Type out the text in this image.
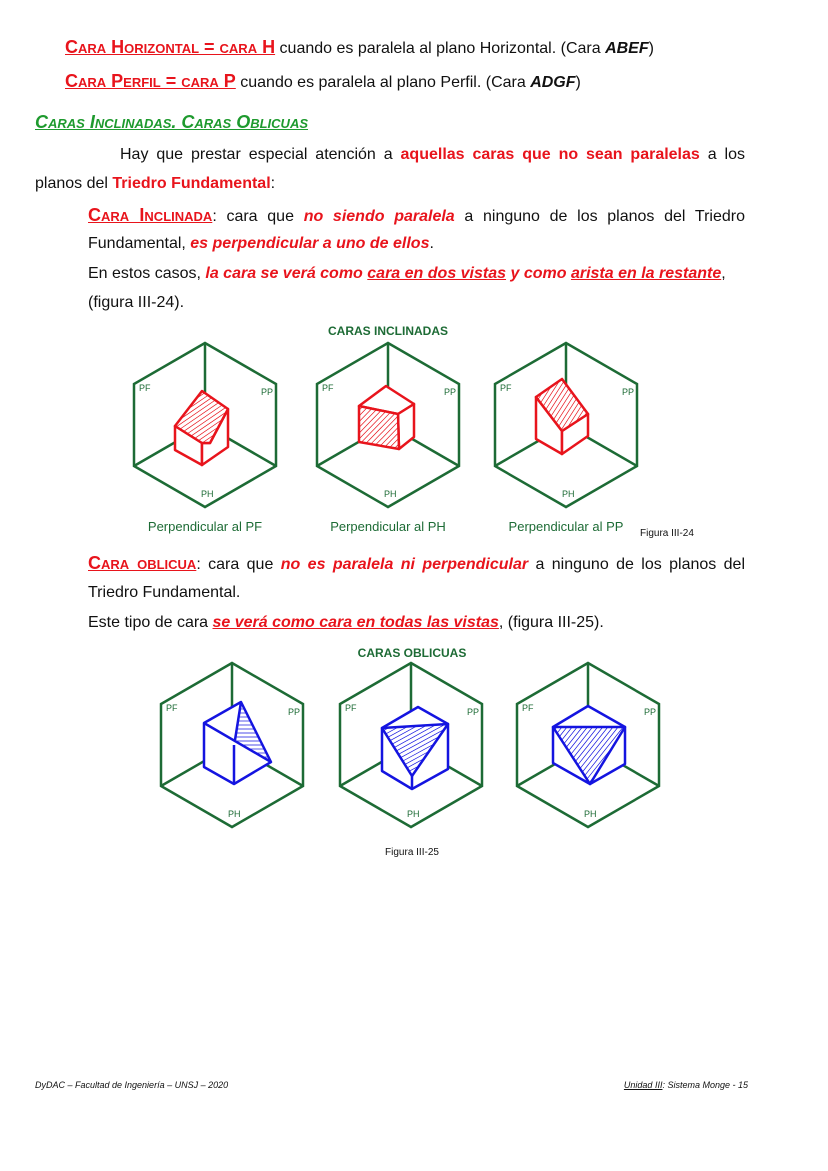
Cara Horizontal = cara H cuando es paralela al plano Horizontal. (Cara ABEF)
Cara Perfil = cara P cuando es paralela al plano Perfil. (Cara ADGF)
Caras Inclinadas. Caras Oblicuas
Hay que prestar especial atención a aquellas caras que no sean paralelas a los
planos del Triedro Fundamental:
Cara Inclinada: cara que no siendo paralela a ninguno de los planos del Triedro
Fundamental, es perpendicular a uno de ellos.
En estos casos, la cara se verá como cara en dos vistas y como arista en la restante,
(figura III-24).
CARAS INCLINADAS
Perpendicular al PF	Perpendicular al PH	Perpendicular al PP	Figura III-24
Cara oblicua: cara que no es paralela ni perpendicular a ninguno de los planos del
Triedro Fundamental.
Este tipo de cara se verá como cara en todas las vistas, (figura III-25).
CARAS OBLICUAS
Figura III-25
PF	PP
PH
PF	PP
PH
PF	PP
PH
PF	PP
PH
PF	PP
PH
PF	PP
PH
DyDAC – Facultad de Ingeniería – UNSJ – 2020	Unidad III: Sistema Monge - 15
